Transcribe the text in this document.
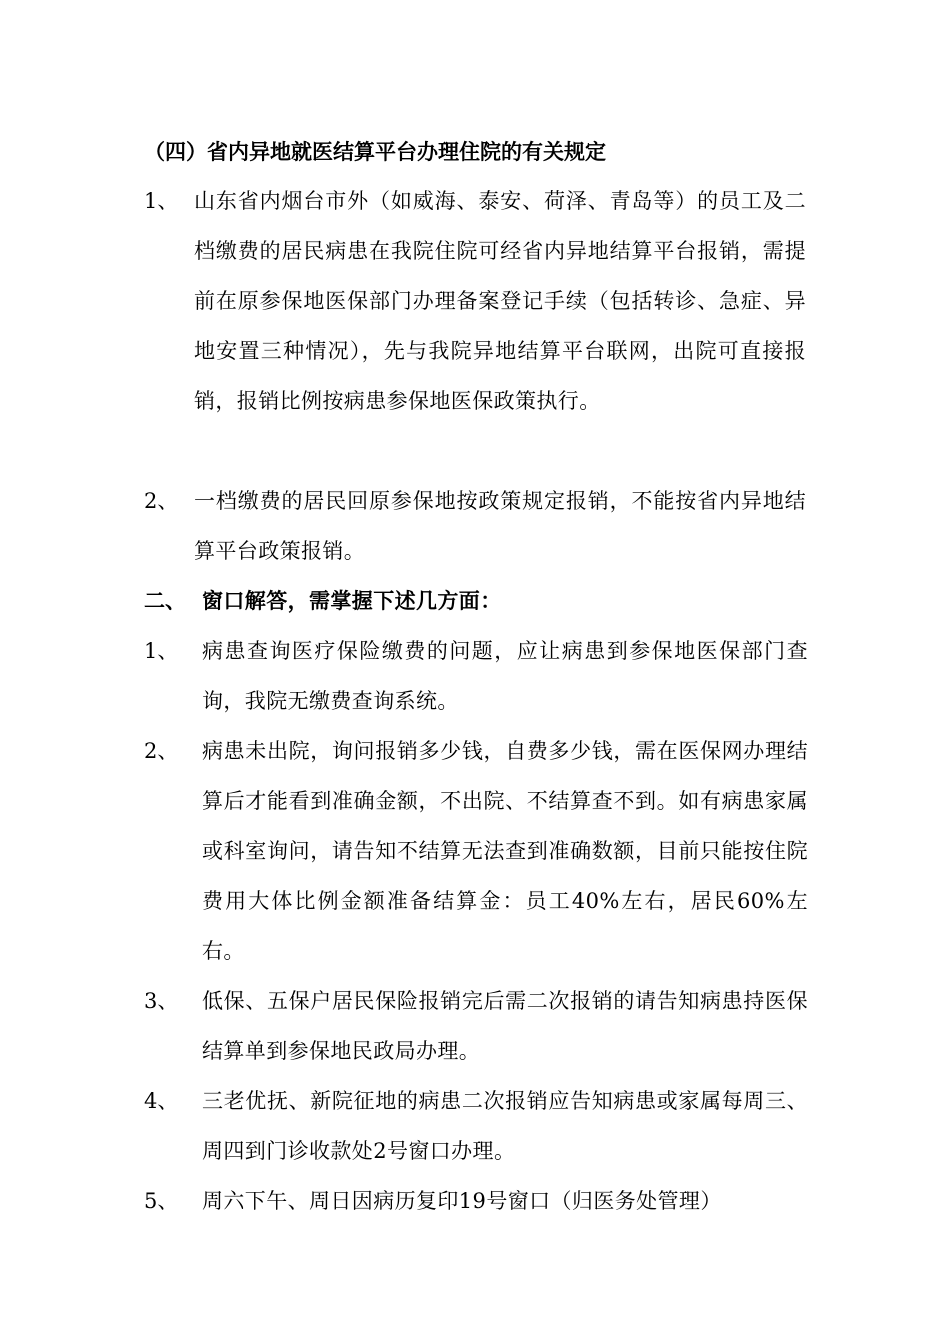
（四）省内异地就医结算平台办理住院的有关规定
1、 山东省内烟台市外（如威海、泰安、荷泽、青岛等）的员工及二档缴费的居民病患在我院住院可经省内异地结算平台报销，需提前在原参保地医保部门办理备案登记手续（包括转诊、急症、异地安置三种情况），先与我院异地结算平台联网，出院可直接报销，报销比例按病患参保地医保政策执行。
2、 一档缴费的居民回原参保地按政策规定报销，不能按省内异地结算平台政策报销。
二、 窗口解答，需掌握下述几方面：
1、 病患查询医疗保险缴费的问题，应让病患到参保地医保部门查询，我院无缴费查询系统。
2、 病患未出院，询问报销多少钱，自费多少钱，需在医保网办理结算后才能看到准确金额，不出院、不结算查不到。如有病患家属或科室询问，请告知不结算无法查到准确数额，目前只能按住院费用大体比例金额准备结算金：员工40%左右，居民60%左右。
3、 低保、五保户居民保险报销完后需二次报销的请告知病患持医保结算单到参保地民政局办理。
4、 三老优抚、新院征地的病患二次报销应告知病患或家属每周三、周四到门诊收款处2号窗口办理。
5、 周六下午、周日因病历复印19号窗口（归医务处管理）
